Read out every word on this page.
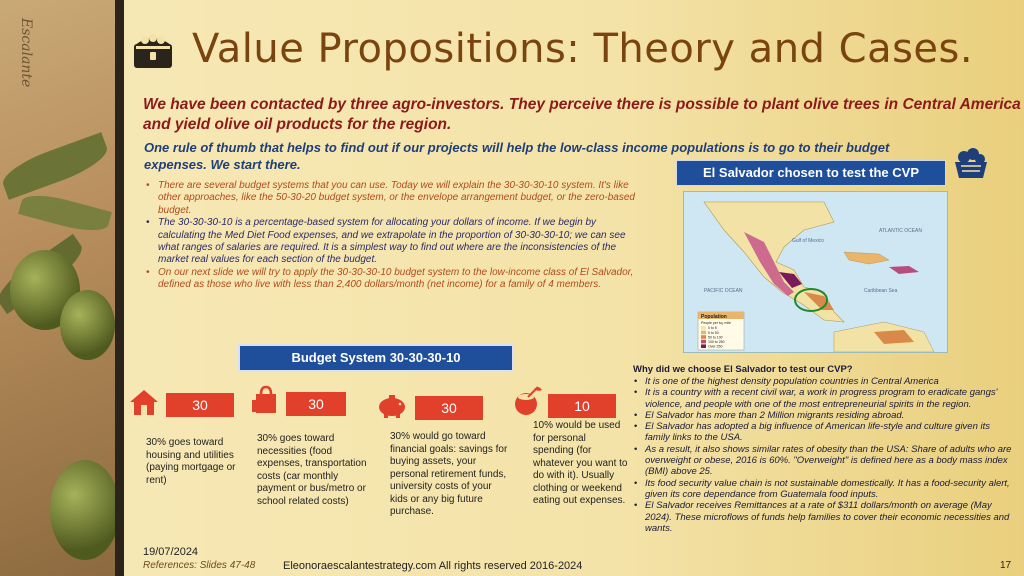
Escalante	Value Propositions: Theory and Cases.
We have been contacted by three agro-investors. They perceive there is possible to plant olive trees in Central America and yield olive oil products for the region.
One rule of thumb that helps to find out if our projects will help the low-class income populations is to go to their budget expenses. We start there.
• There are several budget systems that you can use. Today we will explain the 30-30-30-10 system. It's like other approaches, like the 50-30-20 budget system, or the envelope arrangement budget, or the zero-based budget.
• The 30-30-30-10 is a percentage-based system for allocating your dollars of income. If we begin by calculating the Med Diet Food expenses, and we extrapolate in the proportion of 30-30-30-10; we can see what ranges of salaries are required. It is a simplest way to find out where are the inconsistencies of the market real values for each section of the budget.
• On our next slide we will try to apply the 30-30-30-10 budget system to the low-income class of El Salvador, defined as those who live with less than 2,400 dollars/month (net income) for a family of 4 members.
El Salvador chosen to test the CVP
Gulf of Mexico
ATLANTIC OCEAN
Caribbean Sea
PACIFIC OCEAN
Population
People per sq. mile
0 to 5
5 to 50
50 to 100
100 to 250
Over 250
Budget System 30-30-30-10
30
30% goes toward housing and utilities (paying mortgage or rent)
30
30% goes toward necessities (food expenses, transportation costs (car monthly payment or bus/metro or school related costs)
30
30% would go toward financial goals: savings for buying assets, your personal retirement funds, university costs of your kids or any big future purchase.
10
10% would be used for personal spending (for whatever you want to do with it). Usually clothing or weekend eating out expenses.
Why did we choose El Salvador to test our CVP?
• It is one of the highest density population countries in Central America
• It is a country with a recent civil war, a work in progress program to eradicate gangs' violence, and people with one of the most entrepreneurial spirits in the region.
• El Salvador has more than 2 Million migrants residing abroad.
• El Salvador has adopted a big influence of American life-style and culture given its family links to the USA.
• As a result, it also shows similar rates of obesity than the USA: Share of adults who are overweight or obese, 2016 is 60%. "Overweight" is defined here as a body mass index (BMI) above 25.
• Its food security value chain is not sustainable domestically. It has a food-security alert, given its core dependance from Guatemala food inputs.
• El Salvador receives Remittances at a rate of $311 dollars/month on average (May 2024). These microflows of funds help families to cover their economic necessities and wants.
19/07/2024
References: Slides 47-48	Eleonoraescalantestrategy.com All rights reserved 2016-2024	17
